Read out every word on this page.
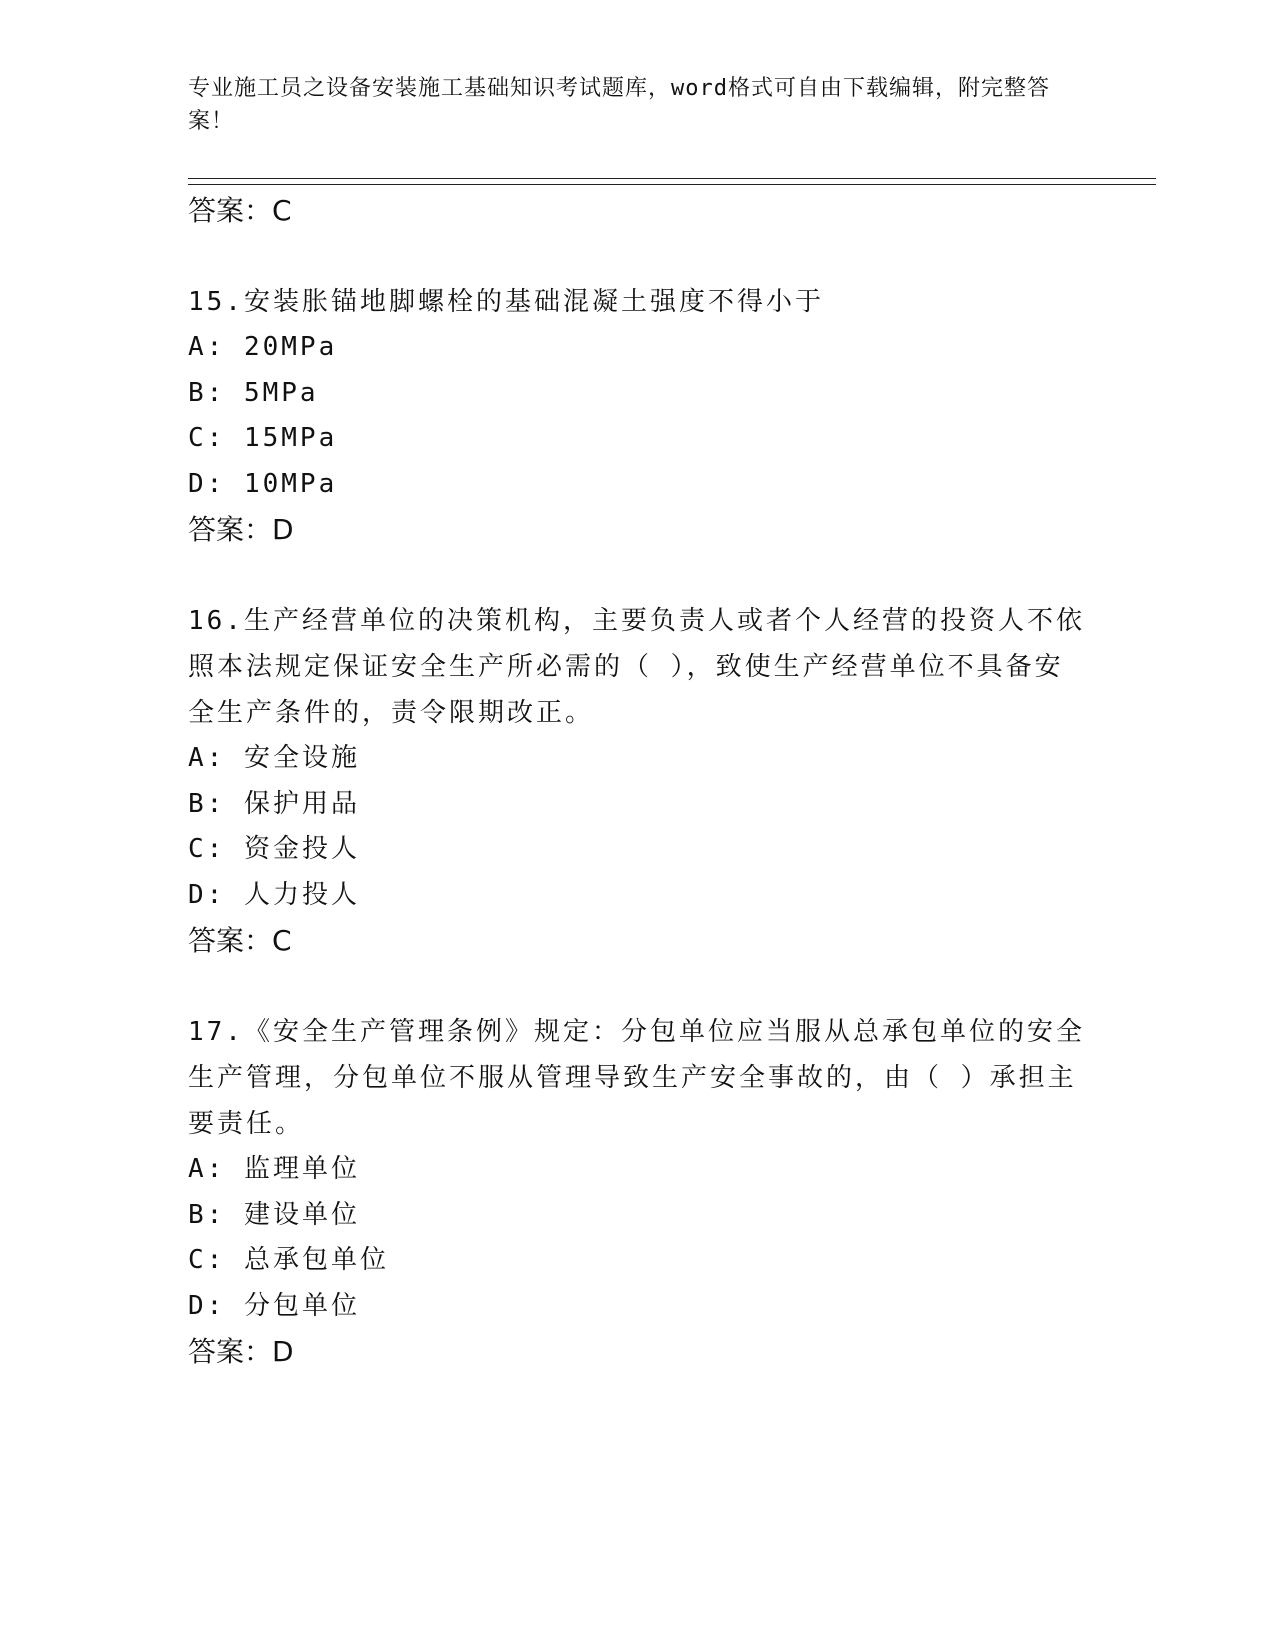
专业施工员之设备安装施工基础知识考试题库，word格式可自由下载编辑，附完整答案！
答案：C
15.安装胀锚地脚螺栓的基础混凝土强度不得小于
A: 20MPa
B: 5MPa
C: 15MPa
D: 10MPa
答案：D
16.生产经营单位的决策机构，主要负责人或者个人经营的投资人不依照本法规定保证安全生产所必需的（ ），致使生产经营单位不具备安全生产条件的，责令限期改正。
A: 安全设施
B: 保护用品
C: 资金投人
D: 人力投人
答案：C
17.《安全生产管理条例》规定：分包单位应当服从总承包单位的安全生产管理，分包单位不服从管理导致生产安全事故的，由（ ）承担主要责任。
A: 监理单位
B: 建设单位
C: 总承包单位
D: 分包单位
答案：D
